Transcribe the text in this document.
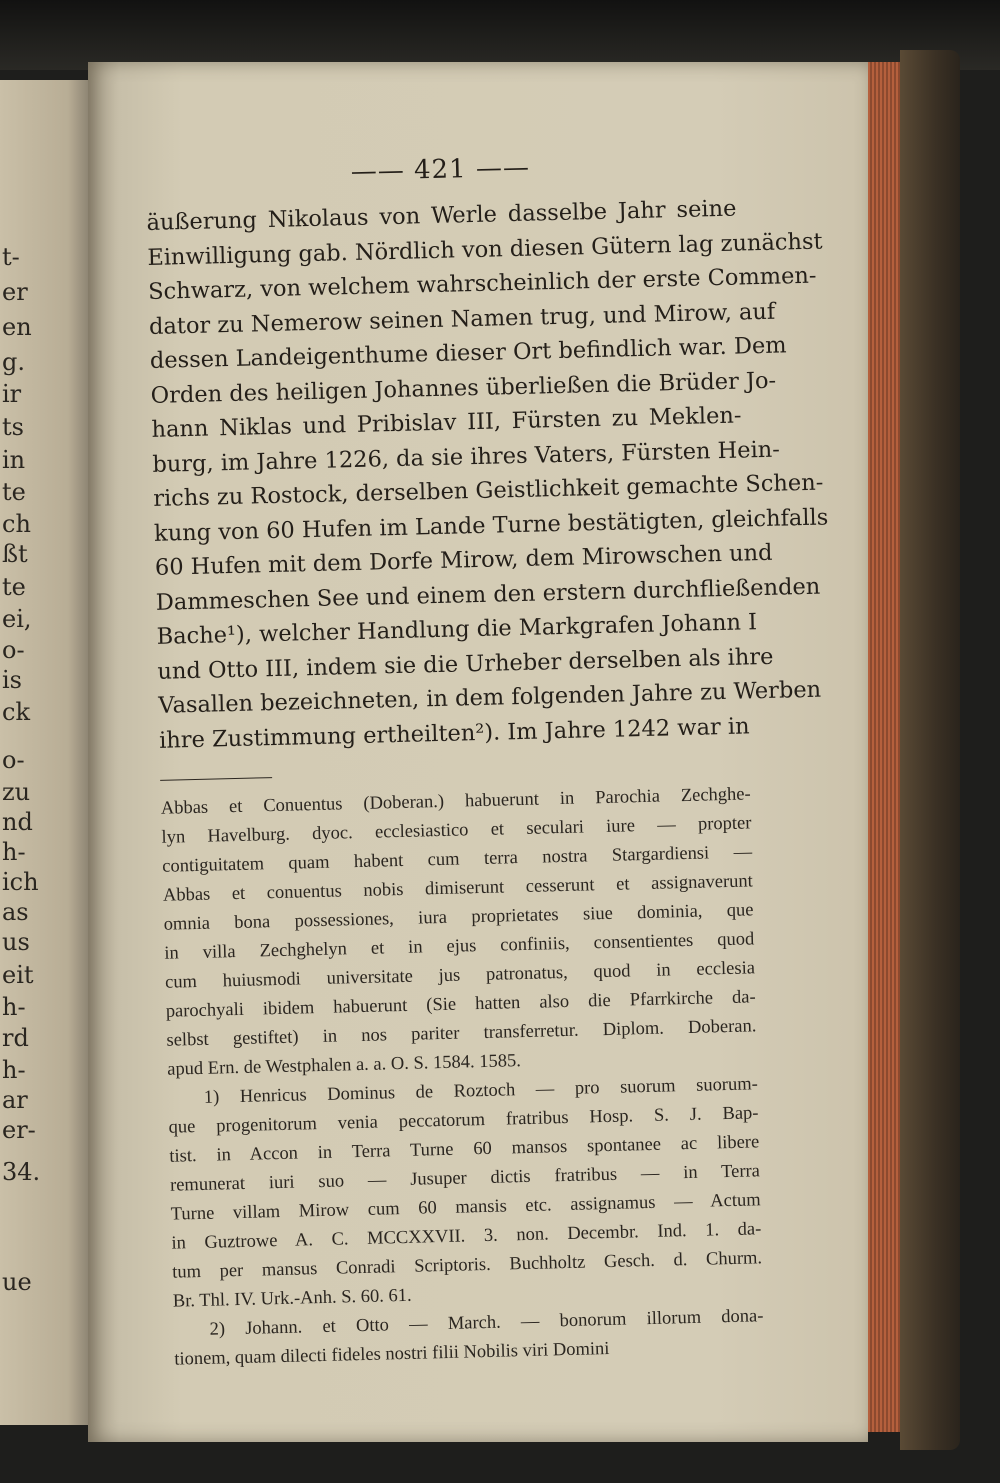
t-
er
en
g.
ir
ts
in
te
ch
ßt
te
ei,
o-
is
ck
o-
zu
nd
h-
ich
as
us
eit
h-
rd
h-
ar
er-
34.
ue
—— 421 ——
äußerung Nikolaus von Werle dasselbe Jahr seine
Einwilligung gab. Nördlich von diesen Gütern lag zunächst
Schwarz, von welchem wahrscheinlich der erste Commen-
dator zu Nemerow seinen Namen trug, und Mirow, auf
dessen Landeigenthume dieser Ort befindlich war. Dem
Orden des heiligen Johannes überließen die Brüder Jo-
hann Niklas und Pribislav III, Fürsten zu Meklen-
burg, im Jahre 1226, da sie ihres Vaters, Fürsten Hein-
richs zu Rostock, derselben Geistlichkeit gemachte Schen-
kung von 60 Hufen im Lande Turne bestätigten, gleichfalls
60 Hufen mit dem Dorfe Mirow, dem Mirowschen und
Dammeschen See und einem den erstern durchfließenden
Bache¹), welcher Handlung die Markgrafen Johann I
und Otto III, indem sie die Urheber derselben als ihre
Vasallen bezeichneten, in dem folgenden Jahre zu Werben
ihre Zustimmung ertheilten²). Im Jahre 1242 war in
Abbas et Conuentus (Doberan.) habuerunt in Parochia Zechghe-
lyn Havelburg. dyoc. ecclesiastico et seculari iure — propter
contiguitatem quam habent cum terra nostra Stargardiensi —
Abbas et conuentus nobis dimiserunt cesserunt et assignaverunt
omnia bona possessiones, iura proprietates siue dominia, que
in villa Zechghelyn et in ejus confiniis, consentientes quod
cum huiusmodi universitate jus patronatus, quod in ecclesia
parochyali ibidem habuerunt (Sie hatten also die Pfarrkirche da-
selbst gestiftet) in nos pariter transferretur. Diplom. Doberan.
apud Ern. de Westphalen a. a. O. S. 1584. 1585.
1) Henricus Dominus de Roztoch — pro suorum suorum-
que progenitorum venia peccatorum fratribus Hosp. S. J. Bap-
tist. in Accon in Terra Turne 60 mansos spontanee ac libere
remunerat iuri suo — Jusuper dictis fratribus — in Terra
Turne villam Mirow cum 60 mansis etc. assignamus — Actum
in Guztrowe A. C. MCCXXVII. 3. non. Decembr. Ind. 1. da-
tum per mansus Conradi Scriptoris. Buchholtz Gesch. d. Churm.
Br. Thl. IV. Urk.-Anh. S. 60. 61.
2) Johann. et Otto — March. — bonorum illorum dona-
tionem, quam dilecti fideles nostri filii Nobilis viri Domini
